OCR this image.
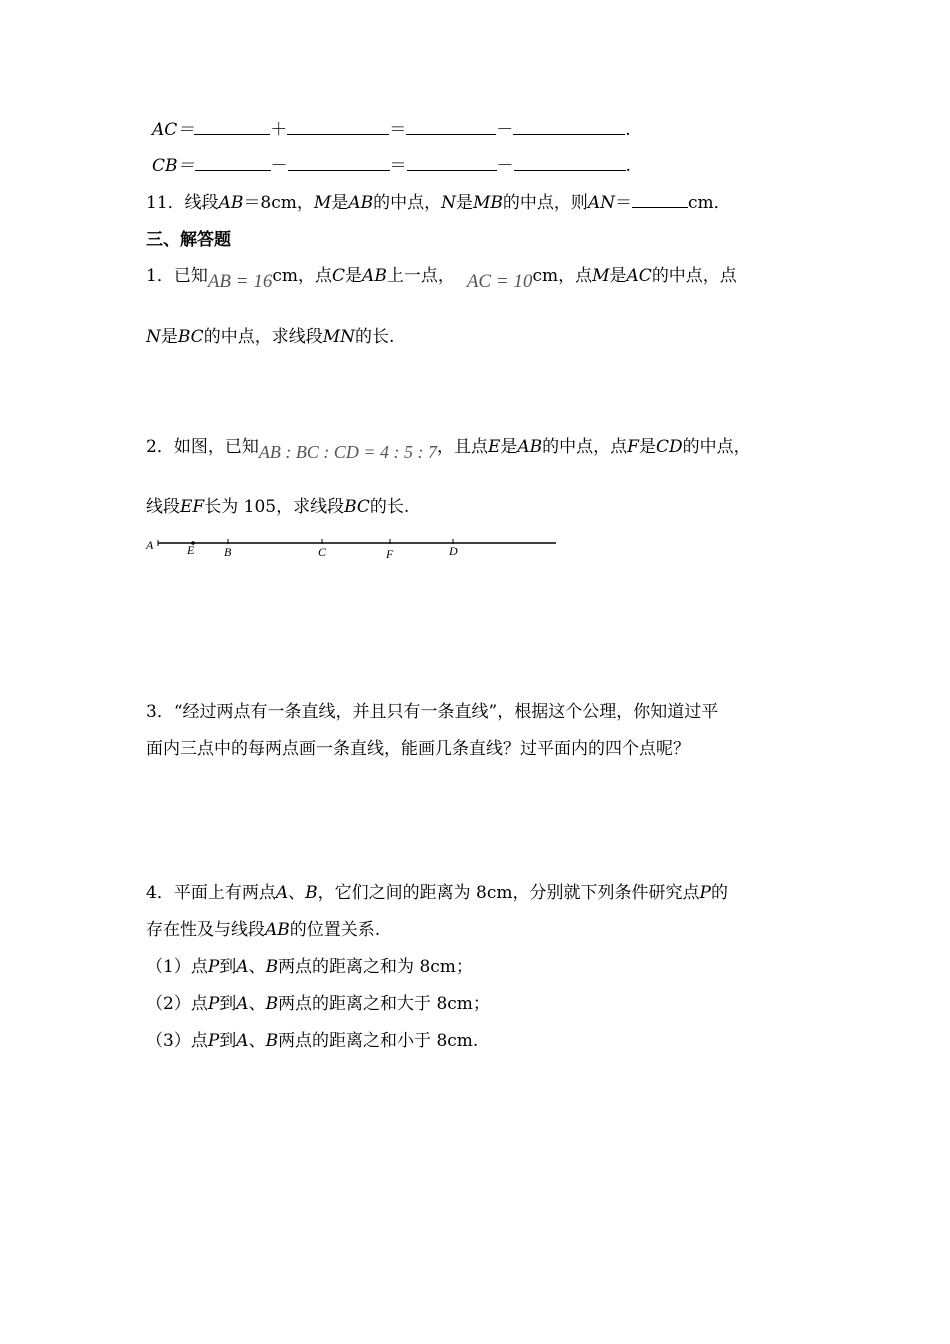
AC＝	＋	＝	－	.
CB＝	－	＝	－	.
11．线段AB＝8cm，M是AB的中点，N是MB的中点，则AN＝	cm．
三、解答题
1．已知AB = 16cm，点C是AB上一点， AC = 10cm，点M是AC的中点，点
N是BC的中点，求线段MN的长.
2．如图，已知AB : BC : CD = 4 : 5 : 7，且点E是AB的中点，点F是CD的中点，
线段EF长为 105，求线段BC的长.
A	E B	C	F	D
3．“经过两点有一条直线，并且只有一条直线”，根据这个公理，你知道过平
面内三点中的每两点画一条直线，能画几条直线？过平面内的四个点呢？
4．平面上有两点A、B，它们之间的距离为 8cm，分别就下列条件研究点P的
存在性及与线段AB的位置关系.
（1）点P到A、B两点的距离之和为 8cm；
（2）点P到A、B两点的距离之和大于 8cm；
（3）点P到A、B两点的距离之和小于 8cm.
